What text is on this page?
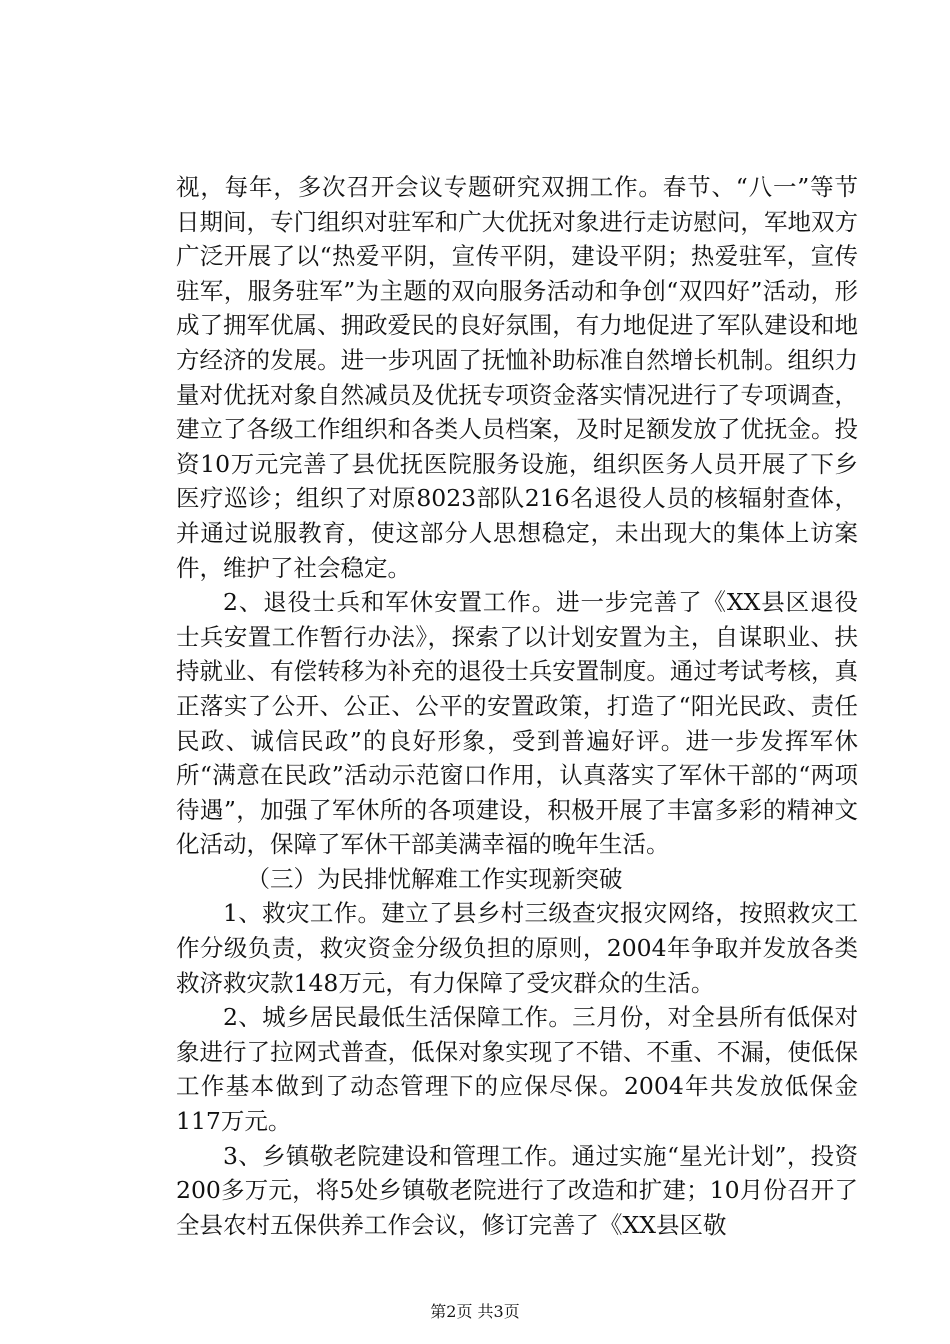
视，每年，多次召开会议专题研究双拥工作。春节、“八一”等节日期间，专门组织对驻军和广大优抚对象进行走访慰问，军地双方广泛开展了以“热爱平阴，宣传平阴，建设平阴；热爱驻军，宣传驻军，服务驻军”为主题的双向服务活动和争创“双四好”活动，形成了拥军优属、拥政爱民的良好氛围，有力地促进了军队建设和地方经济的发展。进一步巩固了抚恤补助标准自然增长机制。组织力量对优抚对象自然减员及优抚专项资金落实情况进行了专项调查，建立了各级工作组织和各类人员档案，及时足额发放了优抚金。投资10万元完善了县优抚医院服务设施，组织医务人员开展了下乡医疗巡诊；组织了对原8023部队216名退役人员的核辐射查体，并通过说服教育，使这部分人思想稳定，未出现大的集体上访案件，维护了社会稳定。

2、退役士兵和军休安置工作。进一步完善了《XX县区退役士兵安置工作暂行办法》，探索了以计划安置为主，自谋职业、扶持就业、有偿转移为补充的退役士兵安置制度。通过考试考核，真正落实了公开、公正、公平的安置政策，打造了“阳光民政、责任民政、诚信民政”的良好形象，受到普遍好评。进一步发挥军休所“满意在民政”活动示范窗口作用，认真落实了军休干部的“两项待遇”，加强了军休所的各项建设，积极开展了丰富多彩的精神文化活动，保障了军休干部美满幸福的晚年生活。

（三）为民排忧解难工作实现新突破

1、救灾工作。建立了县乡村三级查灾报灾网络，按照救灾工作分级负责，救灾资金分级负担的原则，2004年争取并发放各类救济救灾款148万元，有力保障了受灾群众的生活。

2、城乡居民最低生活保障工作。三月份，对全县所有低保对象进行了拉网式普查，低保对象实现了不错、不重、不漏，使低保工作基本做到了动态管理下的应保尽保。2004年共发放低保金117万元。

3、乡镇敬老院建设和管理工作。通过实施“星光计划”，投资200多万元，将5处乡镇敬老院进行了改造和扩建；10月份召开了全县农村五保供养工作会议，修订完善了《XX县区敬

第2页 共3页
